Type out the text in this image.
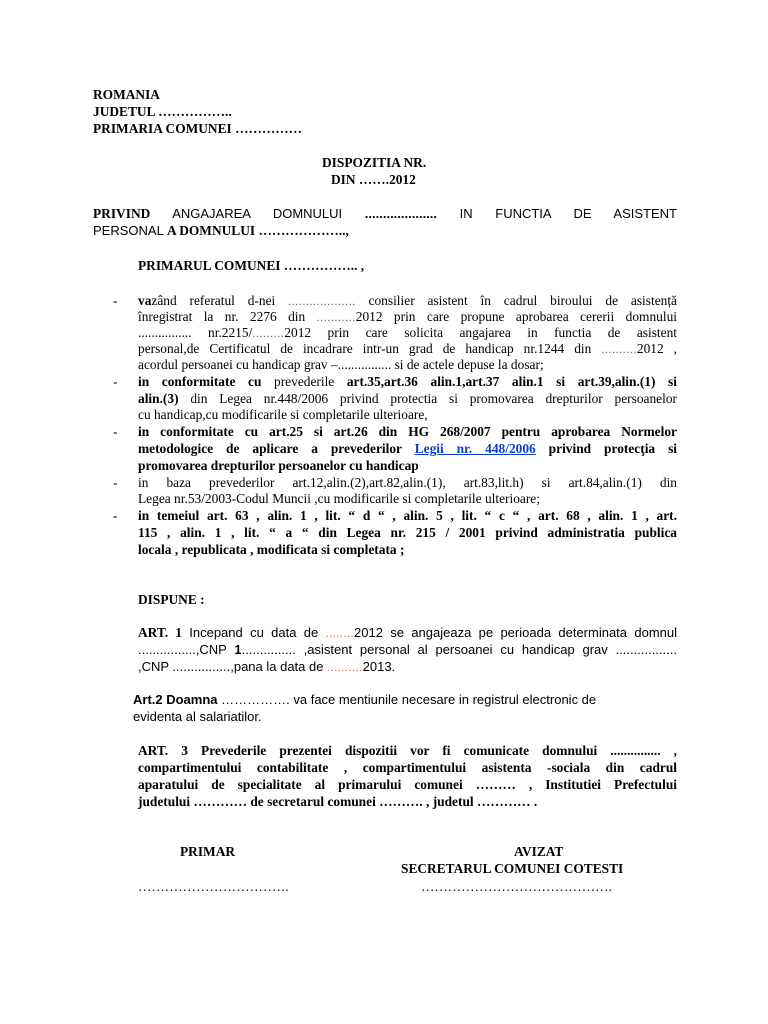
ROMANIA
JUDETUL ……………..
PRIMARIA COMUNEI ……………
DISPOZITIA NR.
DIN …….2012
PRIVIND ANGAJAREA DOMNULUI .................... IN FUNCTIA DE ASISTENT
PERSONAL A DOMNULUI ………………..,
PRIMARUL COMUNEI …………….. ,
- vazând referatul d-nei ................... consilier asistent în cadrul biroului de asistență
înregistrat la nr. 2276 din ...........2012 prin care propune aprobarea cererii domnului
................ nr.2215/.........2012 prin care solicita angajarea in functia de asistent
personal,de Certificatul de incadrare intr-un grad de handicap nr.1244 din ..........2012 ,
acordul persoanei cu handicap grav –................ si de actele depuse la dosar;
- in conformitate cu prevederile art.35,art.36 alin.1,art.37 alin.1 si art.39,alin.(1) si
alin.(3) din Legea nr.448/2006 privind protectia si promovarea drepturilor persoanelor
cu handicap,cu modificarile si completarile ulterioare,
- in conformitate cu art.25 si art.26 din HG 268/2007 pentru aprobarea Normelor
metodologice de aplicare a prevederilor Legii nr. 448/2006 privind protecţia si
promovarea drepturilor persoanelor cu handicap
- in baza prevederilor art.12,alin.(2),art.82,alin.(1), art.83,lit.h) si art.84,alin.(1) din
Legea nr.53/2003-Codul Muncii ,cu modificarile si completarile ulterioare;
- in temeiul art. 63 , alin. 1 , lit. “ d “ , alin. 5 , lit. “ c “ , art. 68 , alin. 1 , art.
115 , alin. 1 , lit. “ a “ din Legea nr. 215 / 2001 privind administratia publica
locala , republicata , modificata si completata ;
DISPUNE :
ART. 1 Incepand cu data de ........2012 se angajeaza pe perioada determinata domnul
................,CNP 1............... ,asistent personal al persoanei cu handicap grav .................
,CNP ................,pana la data de ..........2013.
Art.2 Doamna ……………. va face mentiunile necesare in registrul electronic de
evidenta al salariatilor.
ART. 3 Prevederile prezentei dispozitii vor fi comunicate domnului ............... ,
compartimentului contabilitate , compartimentului asistenta -sociala din cadrul
aparatului de specialitate al primarului comunei ……… , Institutiei Prefectului
judetului ………… de secretarul comunei ………. , judetul ………… .
PRIMAR
…………………………….
AVIZAT
SECRETARUL COMUNEI COTESTI
…………………………………….
